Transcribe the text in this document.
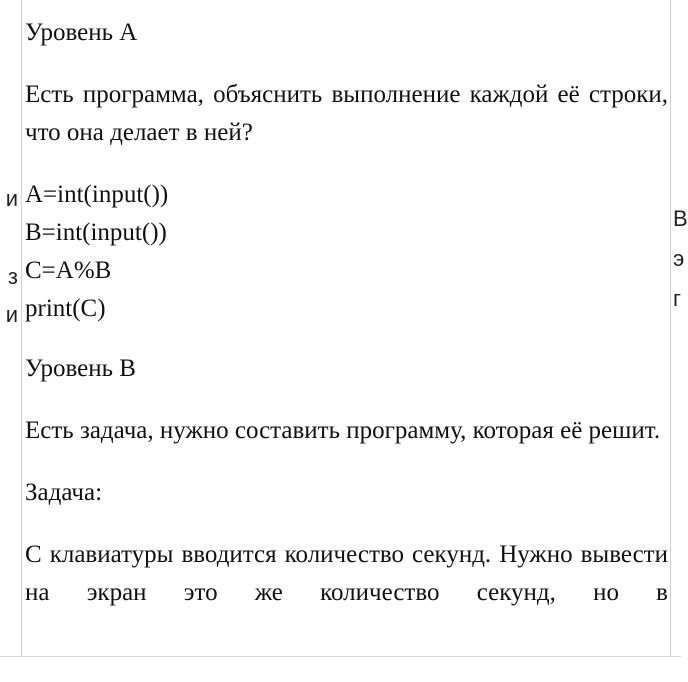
и
з
и
В
э
г

Уровень А

Есть программа, объяснить выполнение каждой её строки, что она делает в ней?

A=int(input())

B=int(input())

C=A%B

print(C)

Уровень В

Есть задача, нужно составить программу, которая её решит.

Задача:

С клавиатуры вводится количество секунд. Нужно вывести на экран это же количество секунд, но в
